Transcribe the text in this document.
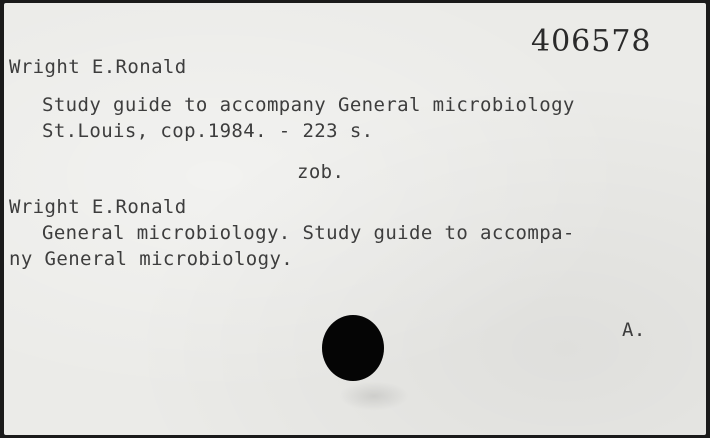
406578
Wright E.Ronald
Study guide to accompany General microbiology
St.Louis, cop.1984. - 223 s.
zob.
Wright E.Ronald
General microbiology. Study guide to accompa-
ny General microbiology.
A.
